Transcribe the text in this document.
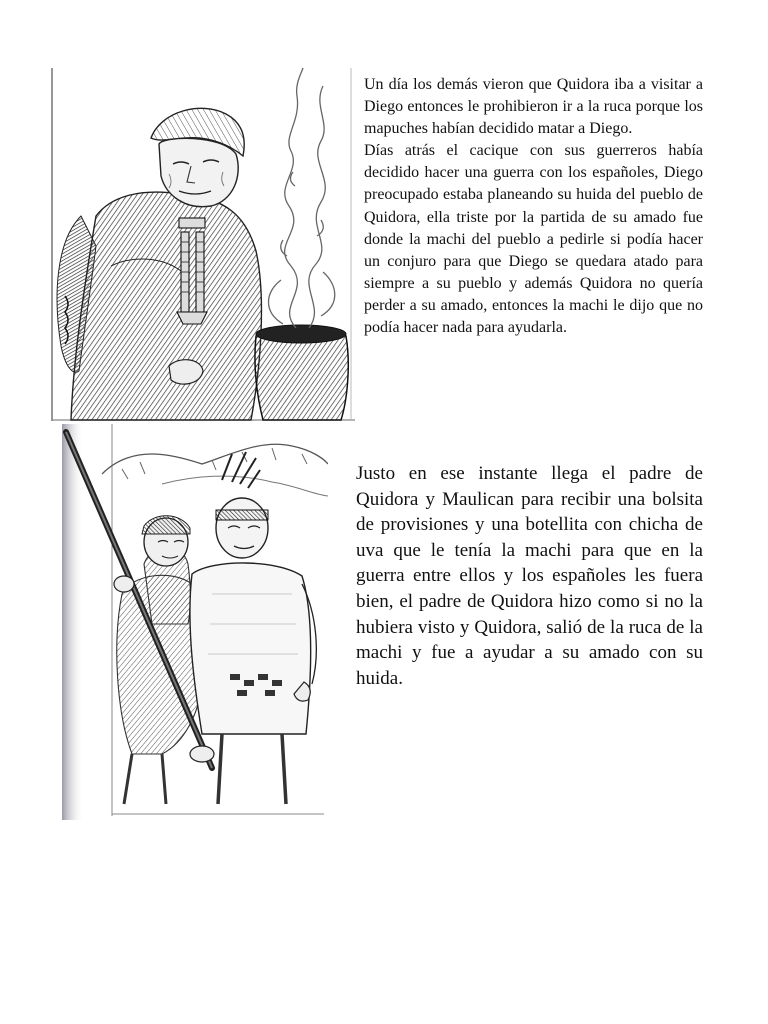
Un día los demás vieron que Quidora iba a visitar a Diego entonces le prohibieron ir a la ruca porque los mapuches habían decidido matar a Diego.

Días atrás el cacique con sus guerreros había decidido hacer una guerra con los españoles, Diego preocupado estaba planeando su huida del pueblo de Quidora, ella triste por la partida de su amado fue donde la machi del pueblo a pedirle si podía hacer un conjuro para que Diego se quedara atado para siempre a su pueblo y además Quidora no quería perder a su amado, entonces la machi le dijo que no podía hacer nada para ayudarla.

Justo en ese instante llega el padre de Quidora y Maulican para recibir una bolsita de provisiones y una botellita con chicha de uva que le tenía la machi para que en la guerra entre ellos y los españoles les fuera bien, el padre de Quidora hizo como si no la hubiera visto y Quidora, salió de la ruca de la machi y fue a ayudar a su amado con su huida.
